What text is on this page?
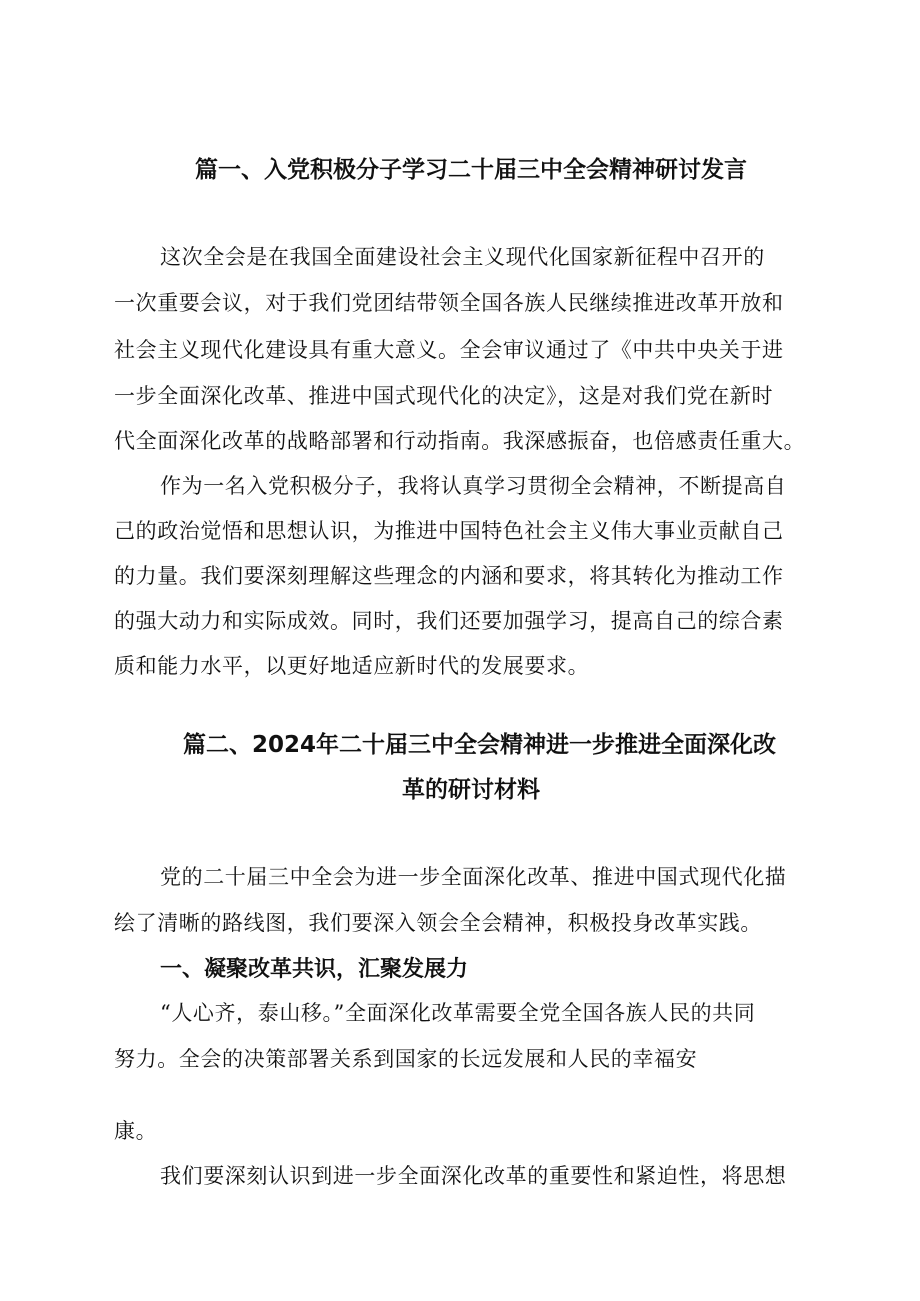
篇一、入党积极分子学习二十届三中全会精神研讨发言
这次全会是在我国全面建设社会主义现代化国家新征程中召开的
一次重要会议，对于我们党团结带领全国各族人民继续推进改革开放和
社会主义现代化建设具有重大意义。全会审议通过了《中共中央关于进
一步全面深化改革、推进中国式现代化的决定》，这是对我们党在新时
代全面深化改革的战略部署和行动指南。我深感振奋，也倍感责任重大。
作为一名入党积极分子，我将认真学习贯彻全会精神，不断提高自
己的政治觉悟和思想认识，为推进中国特色社会主义伟大事业贡献自己
的力量。我们要深刻理解这些理念的内涵和要求，将其转化为推动工作
的强大动力和实际成效。同时，我们还要加强学习，提高自己的综合素
质和能力水平，以更好地适应新时代的发展要求。
篇二、2024年二十届三中全会精神进一步推进全面深化改
革的研讨材料
党的二十届三中全会为进一步全面深化改革、推进中国式现代化描
绘了清晰的路线图，我们要深入领会全会精神，积极投身改革实践。
一、凝聚改革共识，汇聚发展力
“人心齐，泰山移。”全面深化改革需要全党全国各族人民的共同
努力。全会的决策部署关系到国家的长远发展和人民的幸福安
康。
我们要深刻认识到进一步全面深化改革的重要性和紧迫性，将思想
